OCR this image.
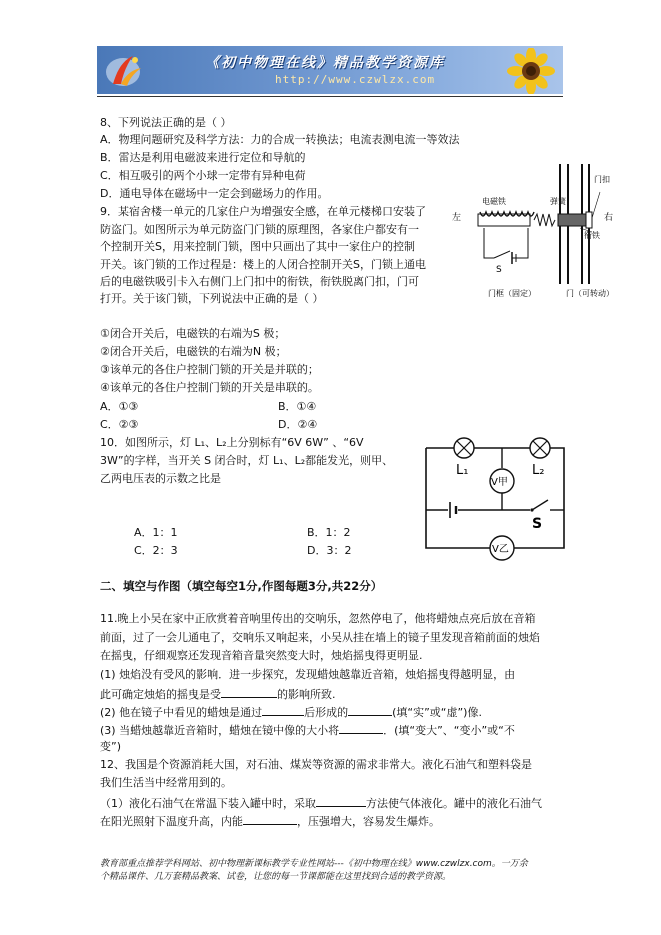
《初中物理在线》精品教学资源库
http://www.czwlzx.com
8、下列说法正确的是（ ）
A．物理问题研究及科学方法：力的合成一转换法；电流表测电流一等效法
B．雷达是利用电磁波来进行定位和导航的
C．相互吸引的两个小球一定带有异种电荷
D．通电导体在磁场中一定会到磁场力的作用。
9．某宿舍楼一单元的几家住户为增强安全感，在单元楼梯口安装了
防盗门。如图所示为单元防盗门门锁的原理图，各家住户都安有一
个控制开关S，用来控制门锁，图中只画出了其中一家住户的控制
开关。该门锁的工作过程是：楼上的人闭合控制开关S，门锁上通电
后的电磁铁吸引卡入右侧门上门扣中的衔铁，衔铁脱离门扣，门可
打开。关于该门锁，下列说法中正确的是（ ）
左	右
电磁铁	弹簧
门扣
衔铁
S
门框（固定）	门（可转动）
①闭合开关后，电磁铁的右端为S 极；
②闭合开关后，电磁铁的右端为N 极；
③该单元的各住户控制门锁的开关是并联的；
④该单元的各住户控制门锁的开关是串联的。
A．①③	B．①④
C．②③	D．②④
10．如图所示，灯 L₁、L₂上分别标有“6V 6W” 、“6V
3W”的字样，当开关 S 闭合时，灯 L₁、L₂都能发光，则甲、
乙两电压表的示数之比是
L₁	L₂
V甲
S
V乙
A．1：1	B．1：2
C．2：3	D．3：2
二、填空与作图（填空每空1分,作图每题3分,共22分）
11.晚上小吴在家中正欣赏着音响里传出的交响乐，忽然停电了，他将蜡烛点亮后放在音箱
前面，过了一会儿通电了，交响乐又响起来，小吴从挂在墙上的镜子里发现音箱前面的烛焰
在摇曳，仔细观察还发现音箱音量突然变大时，烛焰摇曳得更明显.
(1) 烛焰没有受风的影响．进一步探究，发现蜡烛越靠近音箱，烛焰摇曳得越明显，由
此可确定烛焰的摇曳是受	的影响所致.
(2) 他在镜子中看见的蜡烛是通过	后形成的	(填“实”或“虚”)像.
(3) 当蜡烛越靠近音箱时，蜡烛在镜中像的大小将	．(填“变大”、“变小”或“不
变”)
12、我国是个资源消耗大国，对石油、煤炭等资源的需求非常大。液化石油气和塑料袋是
我们生活当中经常用到的。
（1）液化石油气在常温下装入罐中时，采取	方法使气体液化。罐中的液化石油气
在阳光照射下温度升高，内能	，压强增大，容易发生爆炸。
教育部重点推荐学科网站、初中物理新课标教学专业性网站---《初中物理在线》www.czwlzx.com。一万余
个精品课件、几万套精品教案、试卷，让您的每一节课都能在这里找到合适的教学资源。
